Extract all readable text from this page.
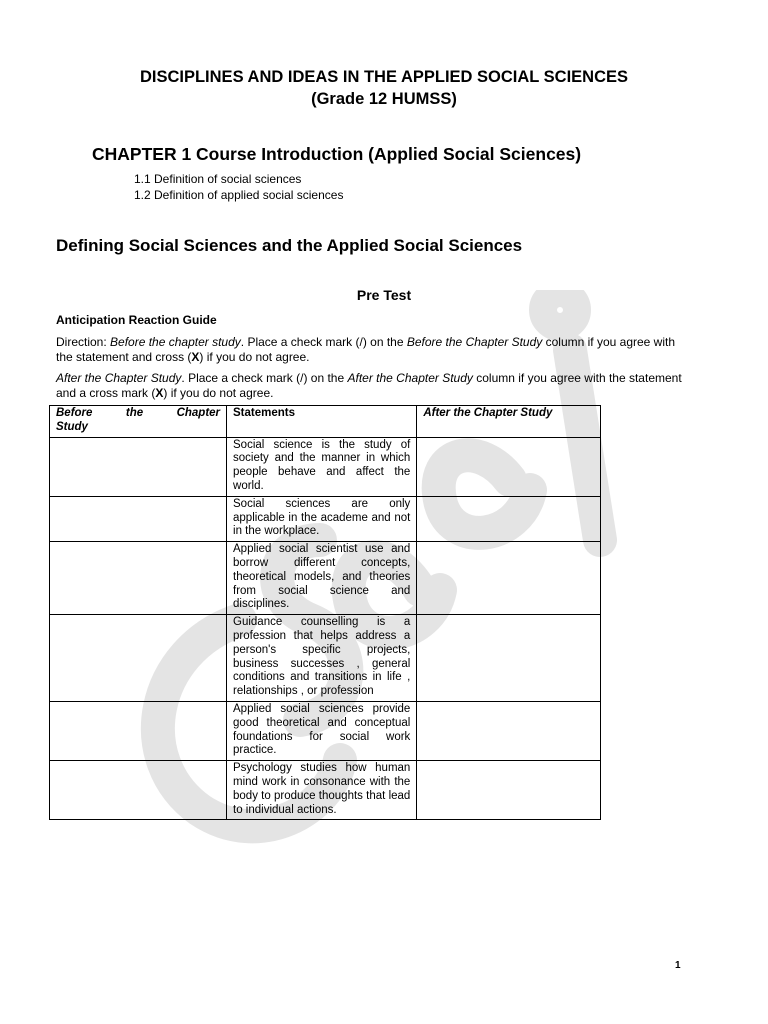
DISCIPLINES AND IDEAS IN THE APPLIED SOCIAL SCIENCES
(Grade 12 HUMSS)
CHAPTER 1 Course Introduction (Applied Social Sciences)
1.1 Definition of social sciences
1.2 Definition of applied social sciences
Defining Social Sciences and the Applied Social Sciences
Pre Test
Anticipation Reaction Guide
Direction: Before the chapter study. Place a check mark (/) on the Before the Chapter Study column if you agree with the statement and cross (X) if you do not agree.
After the Chapter Study. Place a check mark (/) on the After the Chapter Study column if you agree with the statement and a cross mark (X) if you do not agree.
Before the Chapter
Study	Statements	After the Chapter Study
	Social science is the study of society and the manner in which people behave and affect the world.	
	Social sciences are only applicable in the academe and not in the workplace.	
	Applied social scientist use and borrow different concepts, theoretical models, and theories from social science and disciplines.	
	Guidance counselling is a profession that helps address a person's specific projects, business successes , general conditions and transitions in life , relationships , or profession	
	Applied social sciences provide good theoretical and conceptual foundations for social work practice.	
	Psychology studies how human mind work in consonance with the body to produce thoughts that lead to individual actions.	
1
